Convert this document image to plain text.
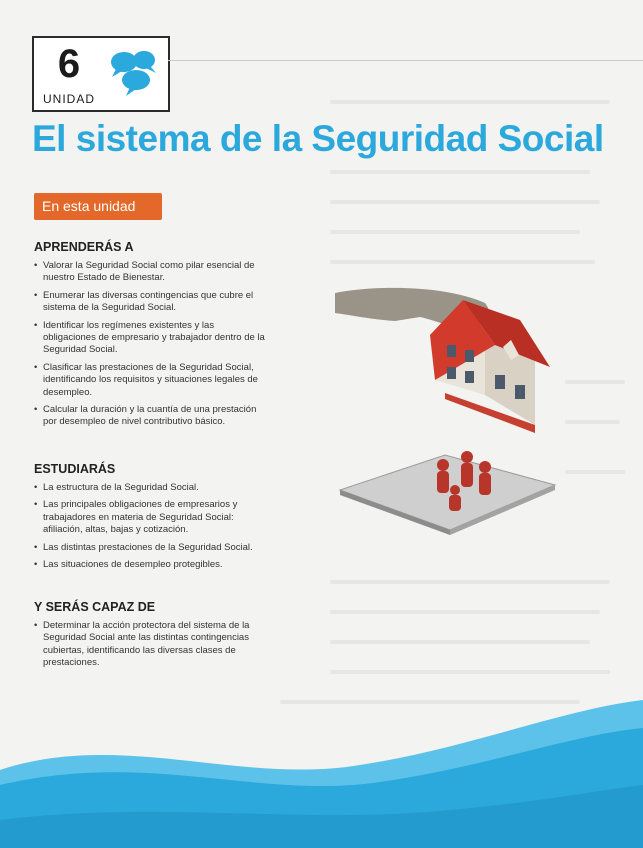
6
UNIDAD
El sistema de la Seguridad Social
En esta unidad
APRENDERÁS A
• Valorar la Seguridad Social como pilar esencial de nuestro Estado de Bienestar.
• Enumerar las diversas contingencias que cubre el sistema de la Seguridad Social.
• Identificar los regímenes existentes y las obligaciones de empresario y trabajador dentro de la Seguridad Social.
• Clasificar las prestaciones de la Seguridad Social, identificando los requisitos y situaciones legales de desempleo.
• Calcular la duración y la cuantía de una prestación por desempleo de nivel contributivo básico.
ESTUDIARÁS
• La estructura de la Seguridad Social.
• Las principales obligaciones de empresarios y trabajadores en materia de Seguridad Social: afiliación, altas, bajas y cotización.
• Las distintas prestaciones de la Seguridad Social.
• Las situaciones de desempleo protegibles.
Y SERÁS CAPAZ DE
• Determinar la acción protectora del sistema de la Seguridad Social ante las distintas contingencias cubiertas, identificando las diversas clases de prestaciones.
